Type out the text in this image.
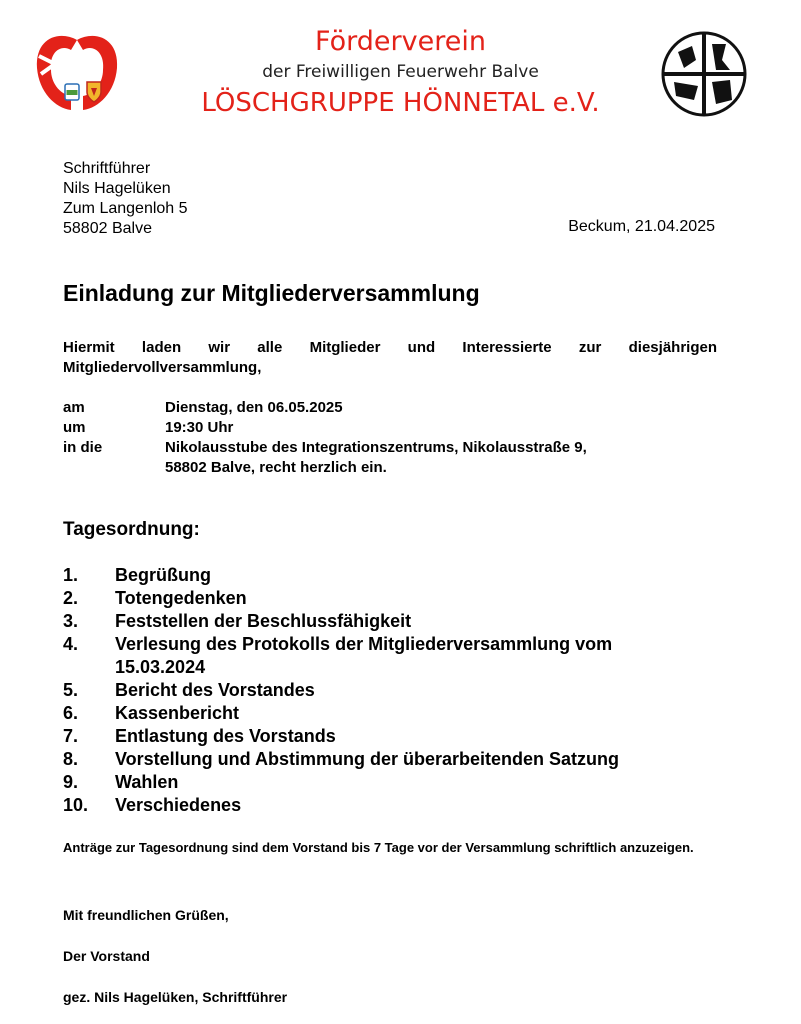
Förderverein
der Freiwilligen Feuerwehr Balve
LÖSCHGRUPPE HÖNNETAL e.V.
Schriftführer
Nils Hagelüken
Zum Langenloh 5
58802 Balve	Beckum, 21.04.2025
Einladung zur Mitgliederversammlung
Hiermit laden wir alle Mitglieder und Interessierte zur diesjährigen
Mitgliedervollversammlung,
am	Dienstag, den 06.05.2025
um	19:30 Uhr
in die	Nikolausstube des Integrationszentrums, Nikolausstraße 9,
58802 Balve, recht herzlich ein.
Tagesordnung:
1. Begrüßung
2. Totengedenken
3. Feststellen der Beschlussfähigkeit
4. Verlesung des Protokolls der Mitgliederversammlung vom
15.03.2024
5. Bericht des Vorstandes
6. Kassenbericht
7. Entlastung des Vorstands
8. Vorstellung und Abstimmung der überarbeitenden Satzung
9. Wahlen
10. Verschiedenes
Anträge zur Tagesordnung sind dem Vorstand bis 7 Tage vor der Versammlung schriftlich anzuzeigen.
Mit freundlichen Grüßen,
Der Vorstand
gez. Nils Hagelüken, Schriftführer
